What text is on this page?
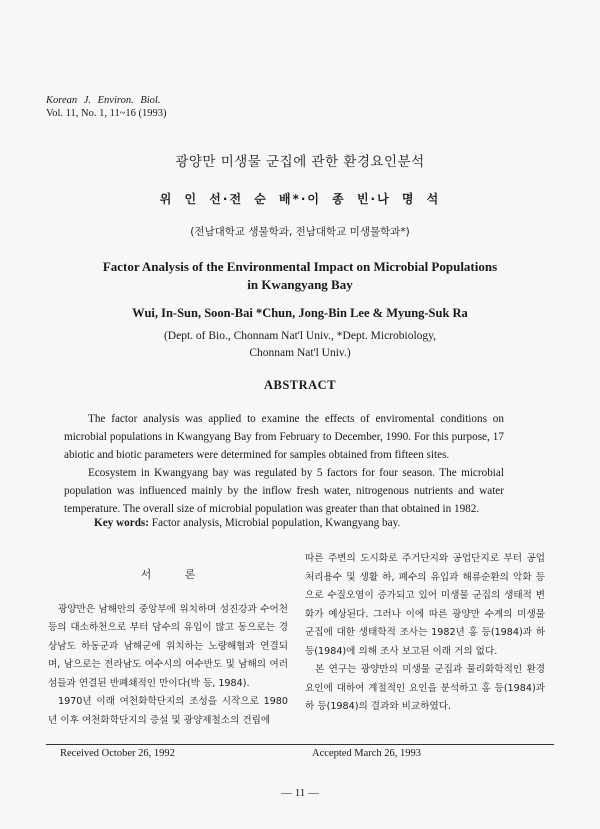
Korean J. Environ. Biol.
Vol. 11, No. 1, 11~16 (1993)
광양만 미생물 군집에 관한 환경요인분석
위 인 선·전 순 배*·이 종 빈·나 명 석
(전남대학교 생물학과, 전남대학교 미생물학과*)
Factor Analysis of the Environmental Impact on Microbial Populations
in Kwangyang Bay
Wui, In-Sun, Soon-Bai *Chun, Jong-Bin Lee & Myung-Suk Ra
(Dept. of Bio., Chonnam Nat'l Univ., *Dept. Microbiology,
Chonnam Nat'l Univ.)
ABSTRACT

The factor analysis was applied to examine the effects of enviromental conditions on microbial populations in Kwangyang Bay from February to December, 1990. For this purpose, 17 abiotic and biotic parameters were determined for samples obtained from fifteen sites.

Ecosystem in Kwangyang bay was regulated by 5 factors for four season. The microbial population was influenced mainly by the inflow fresh water, nitrogenous nutrients and water temperature. The overall size of microbial population was greater than that obtained in 1982.

Key words: Factor analysis, Microbial population, Kwangyang bay.
서 론

광양만은 남해안의 중앙부에 위치하며 섬진강과 수어천 등의 대소하천으로 부터 담수의 유입이 많고 동으로는 경상남도 하동군과 남해군에 위치하는 노량해협과 연결되며, 남으로는 전라남도 여수시의 여수반도 및 남해의 여러 섬들과 연결된 반폐쇄적인 만이다(박 등, 1984).

1970년 이래 여천화학단지의 조성을 시작으로 1980년 이후 여천화학단지의 증설 및 광양제철소의 건립에

따른 주변의 도시화로 주거단지와 공업단지로 부터 공업처리용수 및 생활 하, 폐수의 유입과 해류순환의 악화 등으로 수질오염이 증가되고 있어 미생물 군집의 생태적 변화가 예상된다. 그러나 이에 따른 광양만 수계의 미생물 군집에 대한 생태학적 조사는 1982년 홍 등(1984)과 하 등(1984)에 의해 조사 보고된 이래 거의 없다.

본 연구는 광양만의 미생물 군집과 물리화학적인 환경요인에 대하여 계절적인 요인을 분석하고 홍 등(1984)과 하 등(1984)의 결과와 비교하였다.

Received October 26, 1992	Accepted March 26, 1993
— 11 —
